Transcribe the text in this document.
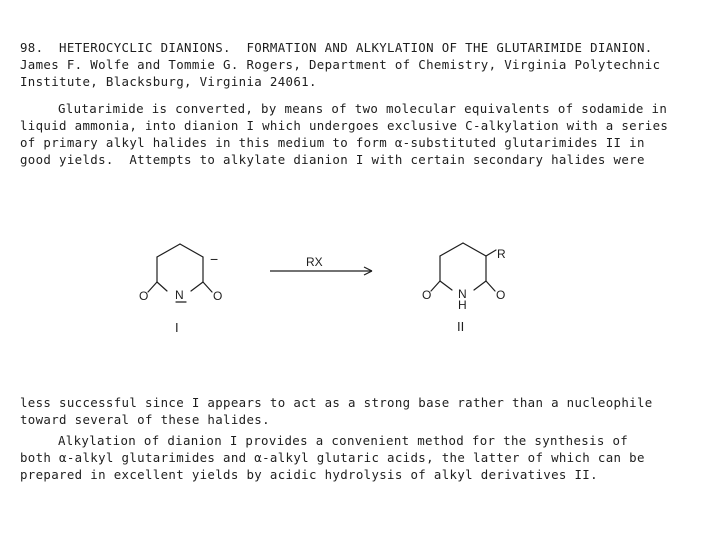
98.  HETEROCYCLIC DIANIONS.  FORMATION AND ALKYLATION OF THE GLUTARIMIDE DIANION.
James F. Wolfe and Tommie G. Rogers, Department of Chemistry, Virginia Polytechnic
Institute, Blacksburg, Virginia 24061.
Glutarimide is converted, by means of two molecular equivalents of sodamide in
liquid ammonia, into dianion I which undergoes exclusive C-alkylation with a series
of primary alkyl halides in this medium to form α-substituted glutarimides II in
good yields.  Attempts to alkylate dianion I with certain secondary halides were
−
O	O
N
I
RX
R
O	O
N
H
II
less successful since I appears to act as a strong base rather than a nucleophile
toward several of these halides.
Alkylation of dianion I provides a convenient method for the synthesis of
both α-alkyl glutarimides and α-alkyl glutaric acids, the latter of which can be
prepared in excellent yields by acidic hydrolysis of alkyl derivatives II.
